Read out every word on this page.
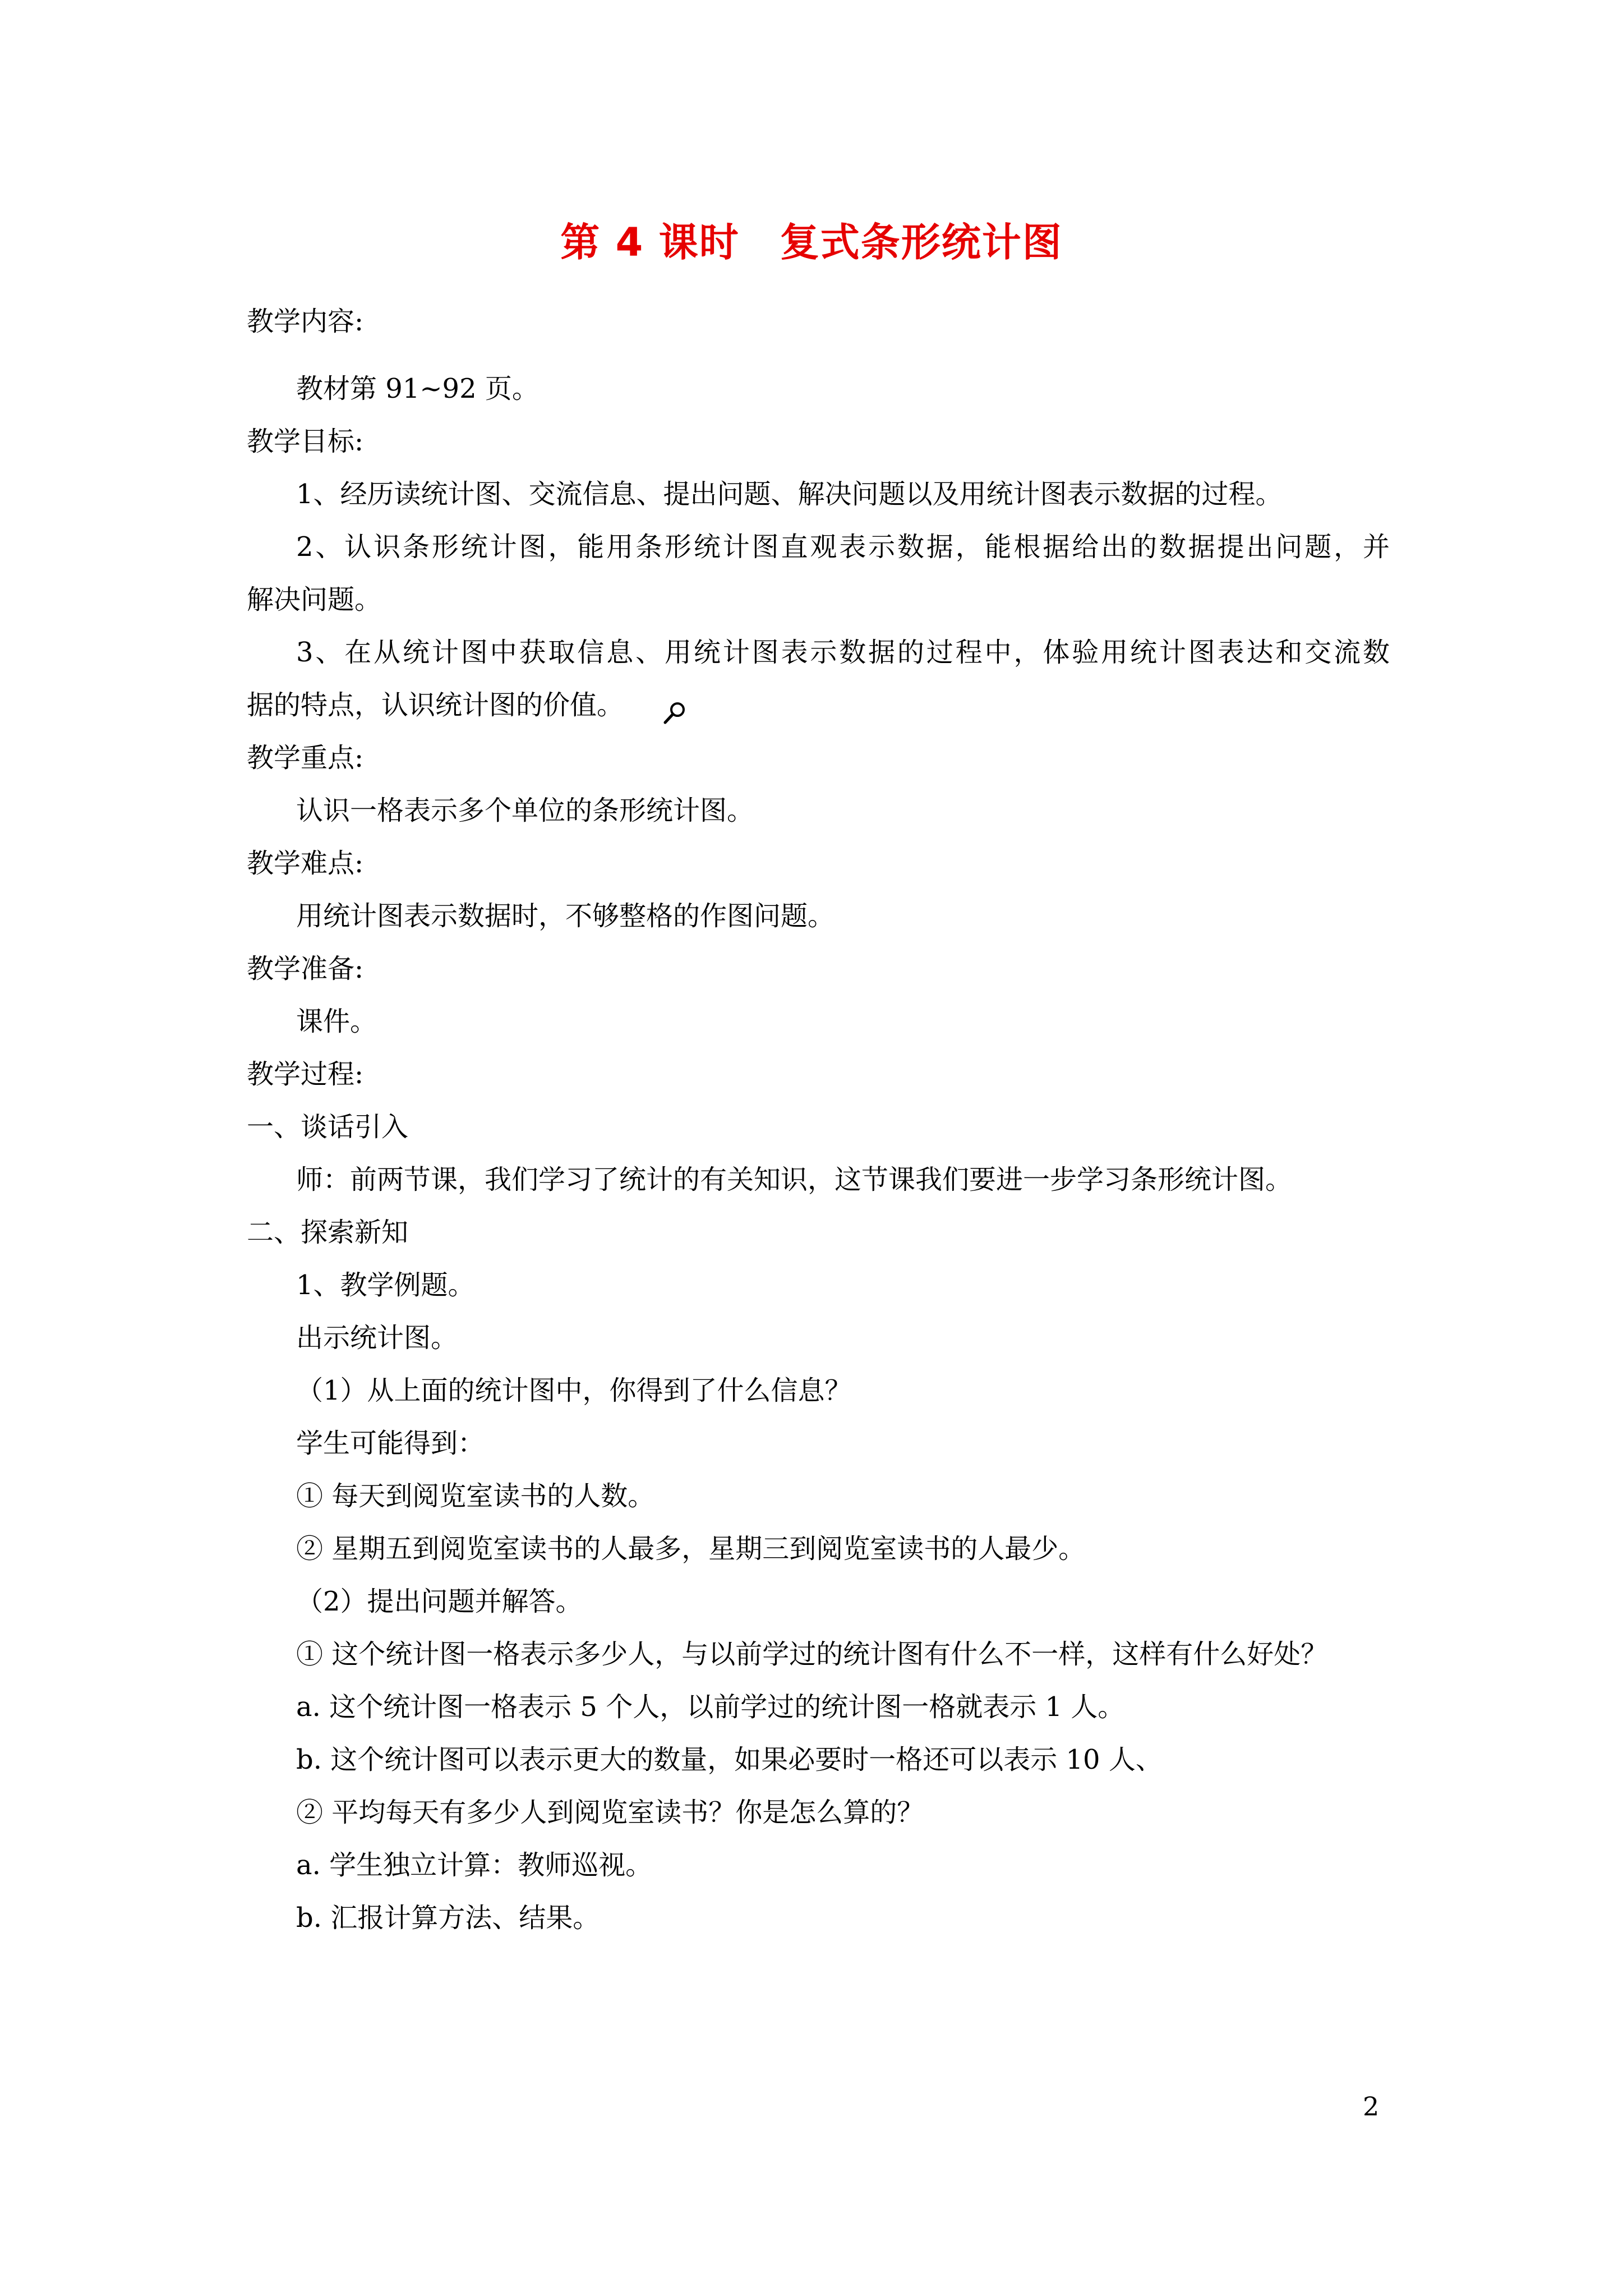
第 4 课时　复式条形统计图
教学内容:
教材第 91~92 页。
教学目标:
1、经历读统计图、交流信息、提出问题、解决问题以及用统计图表示数据的过程。
2、认识条形统计图，能用条形统计图直观表示数据，能根据给出的数据提出问题，并
解决问题。
3、在从统计图中获取信息、用统计图表示数据的过程中，体验用统计图表达和交流数
据的特点，认识统计图的价值。
教学重点:
认识一格表示多个单位的条形统计图。
教学难点:
用统计图表示数据时，不够整格的作图问题。
教学准备:
课件。
教学过程:
一、谈话引入
师：前两节课，我们学习了统计的有关知识，这节课我们要进一步学习条形统计图。
二、探索新知
1、教学例题。
出示统计图。
（1）从上面的统计图中，你得到了什么信息？
学生可能得到：
① 每天到阅览室读书的人数。
② 星期五到阅览室读书的人最多，星期三到阅览室读书的人最少。
（2）提出问题并解答。
① 这个统计图一格表示多少人，与以前学过的统计图有什么不一样，这样有什么好处？
a. 这个统计图一格表示 5 个人，以前学过的统计图一格就表示 1 人。
b. 这个统计图可以表示更大的数量，如果必要时一格还可以表示 10 人、
② 平均每天有多少人到阅览室读书？你是怎么算的？
a. 学生独立计算：教师巡视。
b. 汇报计算方法、结果。
2
